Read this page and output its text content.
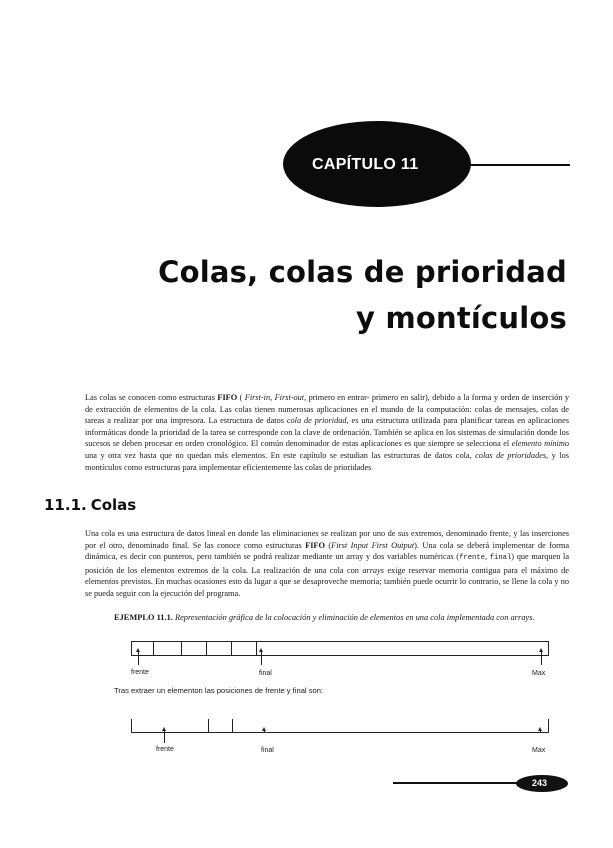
CAPÍTULO 11
Colas, colas de prioridad
y montículos
Las colas se conocen como estructuras FIFO ( First-in, First-out, primero en entrar- primero en salir), debido a la forma y orden de inserción y de extracción de elementos de la cola. Las colas tienen numerosas aplicaciones en el mundo de la computación: colas de mensajes, colas de tareas a realizar por una impresora. La estructura de datos cola de prioridad, es una estructura utilizada para planificar tareas en aplicaciones informáticas donde la prioridad de la tarea se corresponde con la clave de ordenación. También se aplica en los sistemas de simulación donde los sucesos se deben procesar en orden cronológico. El común denominador de estas aplicaciones es que siempre se selecciona el elemento mínimo una y otra vez hasta que no quedan más elementos. En este capítulo se estudian las estructuras de datos cola, colas de prioridades, y los montículos como estructuras para implementar eficientemente las colas de prioridades
11.1. Colas
Una cola es una estructura de datos lineal en donde las eliminaciones se realizan por uno de sus extremos, denominado frente, y las inserciones por el otro, denominado final. Se las conoce como estructuras FIFO (First Input First Output). Una cola se deberá implementar de forma dinámica, es decir con punteros, pero también se podrá realizar mediante un array y dos variables numéricas (frente, final) que marquen la posición de los elementos extremos de la cola. La realización de una cola con arrays exige reservar memoria contigua para el máximo de elementos previstos. En muchas ocasiones esto da lugar a que se desaproveche memoria; también puede ocurrir lo contrario, se llene la cola y no se pueda seguir con la ejecución del programa.
EJEMPLO 11.1. Representación gráfica de la colocación y eliminación de elementos en una cola implementada con arrays.
frente	final	Max
Tras extraer un elementon las posiciones de frente y final son:
frente	final	Max
243
